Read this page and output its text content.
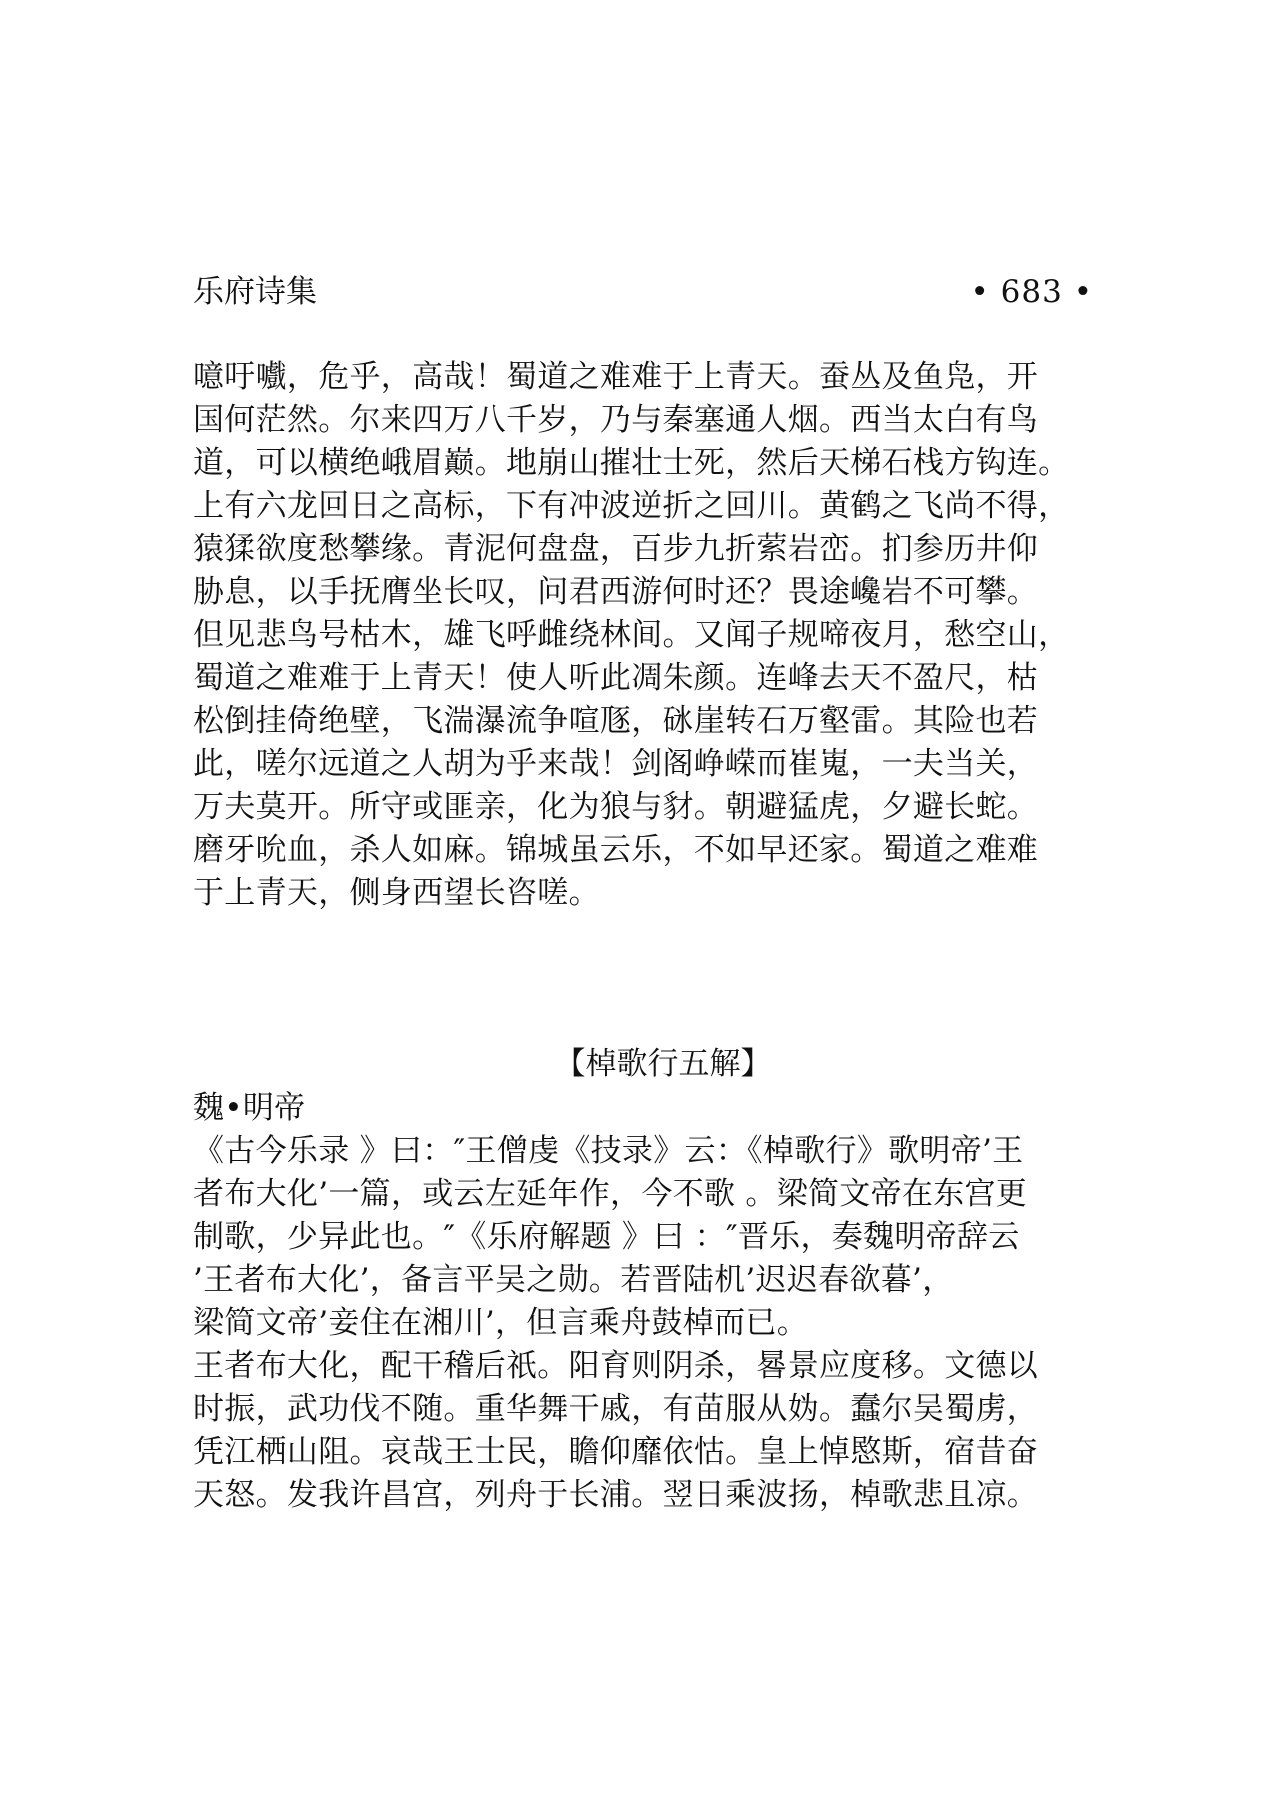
乐府诗集	• 683 •
噫吁嚱，危乎，高哉！蜀道之难难于上青天。蚕丛及鱼凫，开
国何茫然。尔来四万八千岁，乃与秦塞通人烟。西当太白有鸟
道，可以横绝峨眉巅。地崩山摧壮士死，然后天梯石栈方钩连。
上有六龙回日之高标，下有冲波逆折之回川。黄鹤之飞尚不得，
猿猱欲度愁攀缘。青泥何盘盘，百步九折萦岩峦。扪参历井仰
胁息，以手抚膺坐长叹，问君西游何时还？畏途巉岩不可攀。
但见悲鸟号枯木，雄飞呼雌绕林间。又闻子规啼夜月，愁空山，
蜀道之难难于上青天！使人听此凋朱颜。连峰去天不盈尺，枯
松倒挂倚绝壁，飞湍瀑流争喧豗，砯崖转石万壑雷。其险也若
此，嗟尔远道之人胡为乎来哉！剑阁峥嵘而崔嵬，一夫当关，
万夫莫开。所守或匪亲，化为狼与豺。朝避猛虎，夕避长蛇。
磨牙吮血，杀人如麻。锦城虽云乐，不如早还家。蜀道之难难
于上青天，侧身西望长咨嗟。
【棹歌行五解】
魏•明帝
《古今乐录 》曰：″王僧虔《技录》云：《棹歌行》歌明帝’王
者布大化’一篇，或云左延年作，今不歌 。梁简文帝在东宫更
制歌，少异此也。″《乐府解题 》曰 ：″晋乐，奏魏明帝辞云
’王者布大化’，备言平吴之勋。若晋陆机’迟迟春欲暮’，
梁简文帝’妾住在湘川’，但言乘舟鼓棹而已。
王者布大化，配干稽后祇。阳育则阴杀，晷景应度移。文德以
时振，武功伐不随。重华舞干戚，有苗服从妫。蠢尔吴蜀虏，
凭江栖山阻。哀哉王士民，瞻仰靡依怙。皇上悼愍斯，宿昔奋
天怒。发我许昌宫，列舟于长浦。翌日乘波扬，棹歌悲且凉。
